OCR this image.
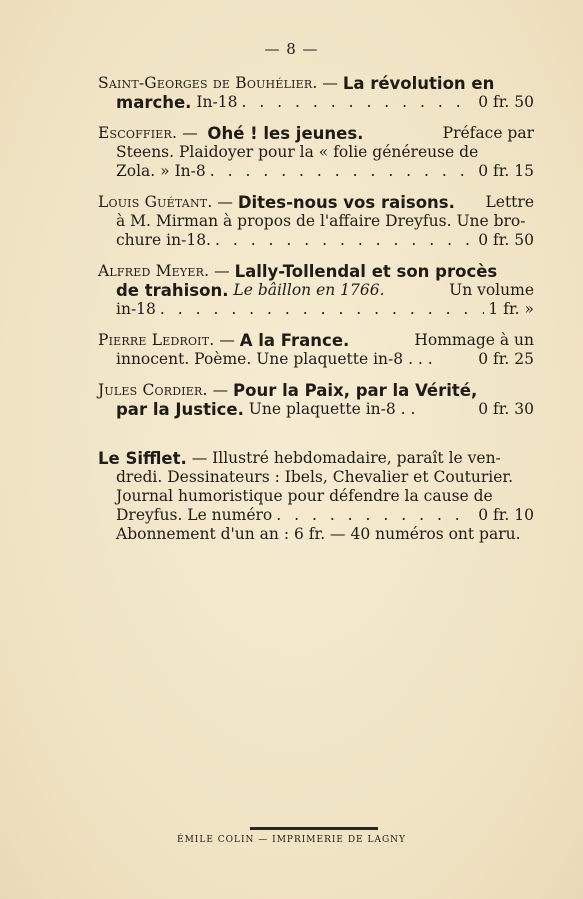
— 8 —
Saint-Georges de Bouhélier. — La révolution en
marche.
In-18 . . .	0 fr. 50
Escoffier. — Ohé ! les jeunes.	Préface par
Steens. Plaidoyer pour la « folie généreuse de
Zola. » In-8 . . .	0 fr. 15
Louis Guétant. — Dites-nous vos raisons. Lettre
à M. Mirman à propos de l'affaire Dreyfus. Une bro-
chure in-18. . . .	0 fr. 50
Alfred Meyer. — Lally-Tollendal et son procès
de trahison.
Le bâillon en 1766.	Un volume
in-18 . . .	1 fr. »
Pierre Ledroit. — A la France.	Hommage à un
innocent. Poème. Une plaquette in-8 . . .	0 fr. 25
Jules Cordier. — Pour la Paix, par la Vérité,
par la Justice.
Une plaquette in-8 . .	0 fr. 30
Le Sifflet. — Illustré hebdomadaire, paraît le ven-
dredi. Dessinateurs : Ibels, Chevalier et Couturier.
Journal humoristique pour défendre la cause de
Dreyfus. Le numéro . . .	0 fr. 10
Abonnement d'un an : 6 fr. — 40 numéros ont paru.
ÉMILE COLIN — IMPRIMERIE DE LAGNY
